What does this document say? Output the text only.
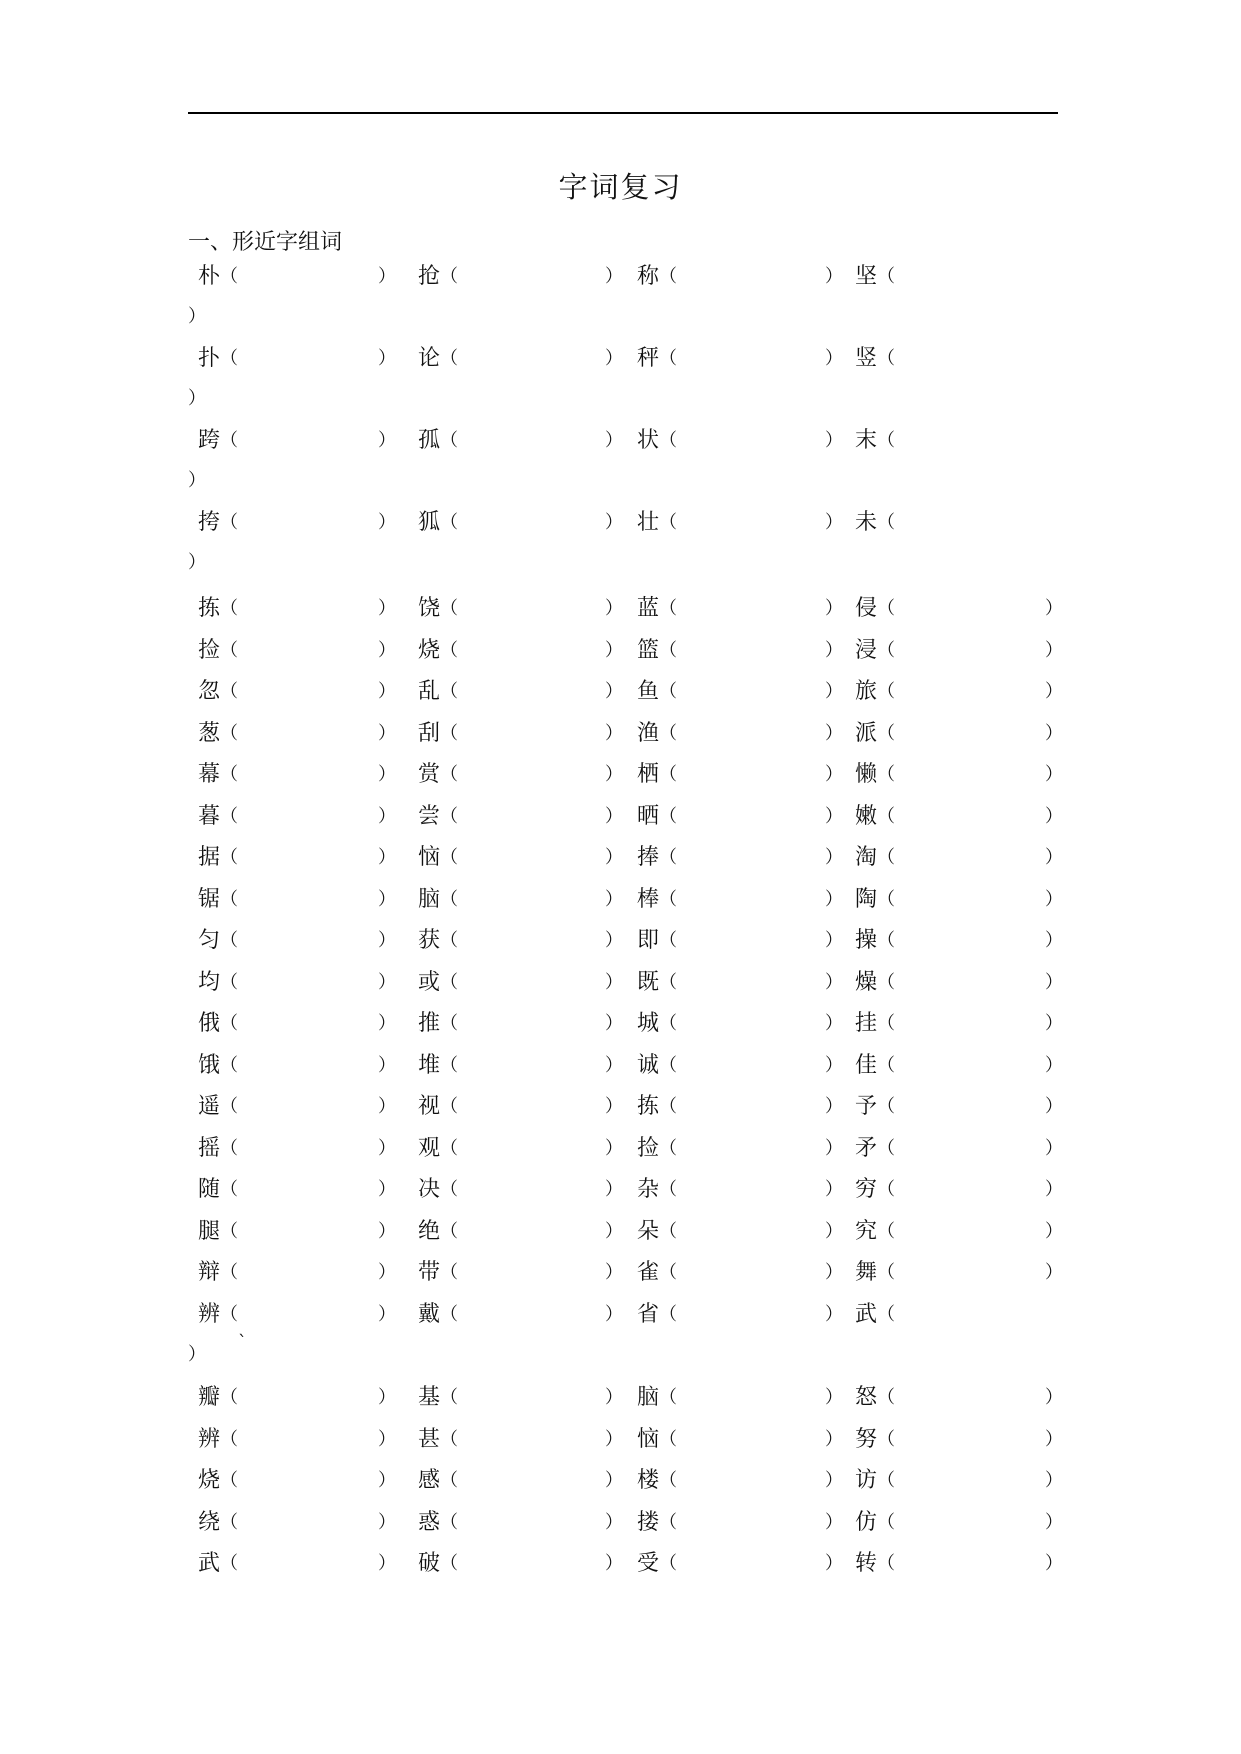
字词复习
一、形近字组词
朴 （	） 抢 （	） 称 （	） 坚 （
）
扑 （	） 论 （	） 秤 （	） 竖 （
）
跨 （	） 孤 （	） 状 （	） 末 （
）
挎 （	） 狐 （	） 壮 （	） 未 （
）
拣 （	） 饶 （	） 蓝 （	） 侵 （	）
捡 （	） 烧 （	） 篮 （	） 浸 （	）
忽 （	） 乱 （	） 鱼 （	） 旅 （	）
葱 （	） 刮 （	） 渔 （	） 派 （	）
幕 （	） 赏 （	） 栖 （	） 懒 （	）
暮 （	） 尝 （	） 晒 （	） 嫩 （	）
据 （	） 恼 （	） 捧 （	） 淘 （	）
锯 （	） 脑 （	） 棒 （	） 陶 （	）
匀 （	） 获 （	） 即 （	） 操 （	）
均 （	） 或 （	） 既 （	） 燥 （	）
俄 （	） 推 （	） 城 （	） 挂 （	）
饿 （	） 堆 （	） 诚 （	） 佳 （	）
遥 （	） 视 （	） 拣 （	） 予 （	）
摇 （	） 观 （	） 捡 （	） 矛 （	）
随 （	） 决 （	） 杂 （	） 穷 （	）
腿 （	） 绝 （	） 朵 （	） 究 （	）
辩 （	） 带 （	） 雀 （	） 舞 （	）
辨 （	） 戴 （	） 省 （	） 武 （
）
`
瓣 （	） 基 （	） 脑 （	） 怒 （	）
辨 （	） 甚 （	） 恼 （	） 努 （	）
烧 （	） 感 （	） 楼 （	） 访 （	）
绕 （	） 惑 （	） 搂 （	） 仿 （	）
武 （	） 破 （	） 受 （	） 转 （	）
